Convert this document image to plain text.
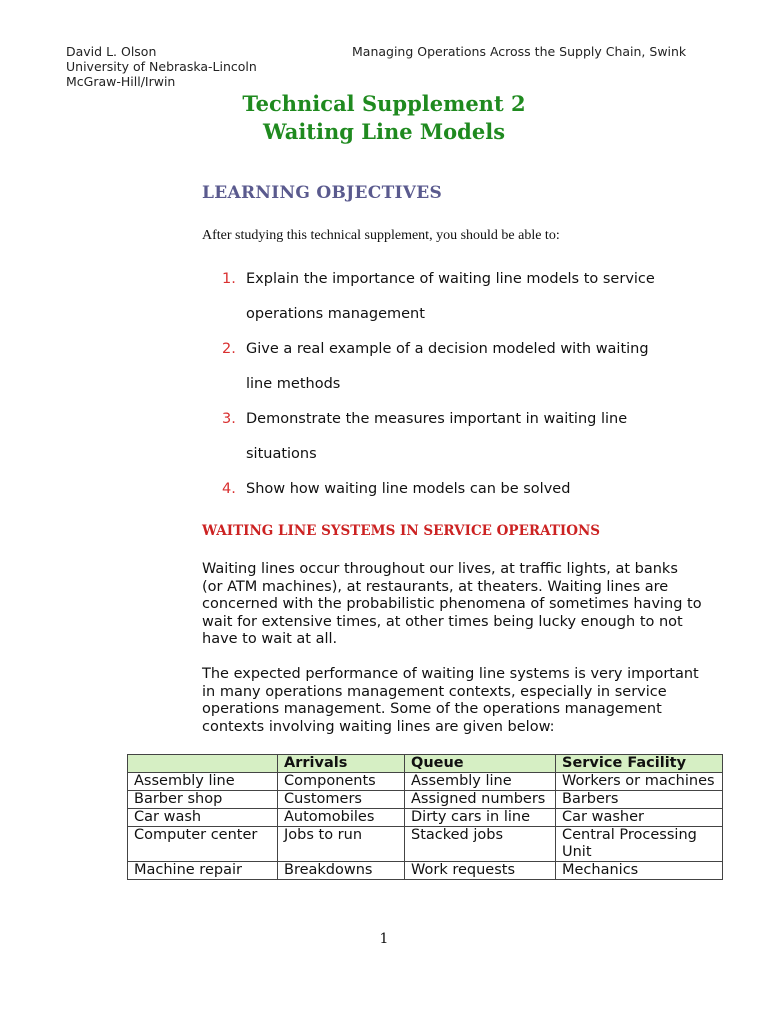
David L. Olson
University of Nebraska-Lincoln
McGraw-Hill/Irwin
Managing Operations Across the Supply Chain, Swink
Technical Supplement 2
Waiting Line Models
LEARNING OBJECTIVES
After studying this technical supplement, you should be able to:
1. Explain the importance of waiting line models to service
operations management
2. Give a real example of a decision modeled with waiting
line methods
3. Demonstrate the measures important in waiting line
situations
4. Show how waiting line models can be solved
WAITING LINE SYSTEMS IN SERVICE OPERATIONS

Waiting lines occur throughout our lives, at traffic lights, at banks (or ATM machines), at restaurants, at theaters. Waiting lines are concerned with the probabilistic phenomena of sometimes having to wait for extensive times, at other times being lucky enough to not have to wait at all.

The expected performance of waiting line systems is very important in many operations management contexts, especially in service operations management. Some of the operations management contexts involving waiting lines are given below:

	Arrivals	Queue	Service Facility
Assembly line	Components	Assembly line	Workers or machines
Barber shop	Customers	Assigned numbers	Barbers
Car wash	Automobiles	Dirty cars in line	Car washer
Computer center	Jobs to run	Stacked jobs	Central Processing Unit
Machine repair	Breakdowns	Work requests	Mechanics
1
